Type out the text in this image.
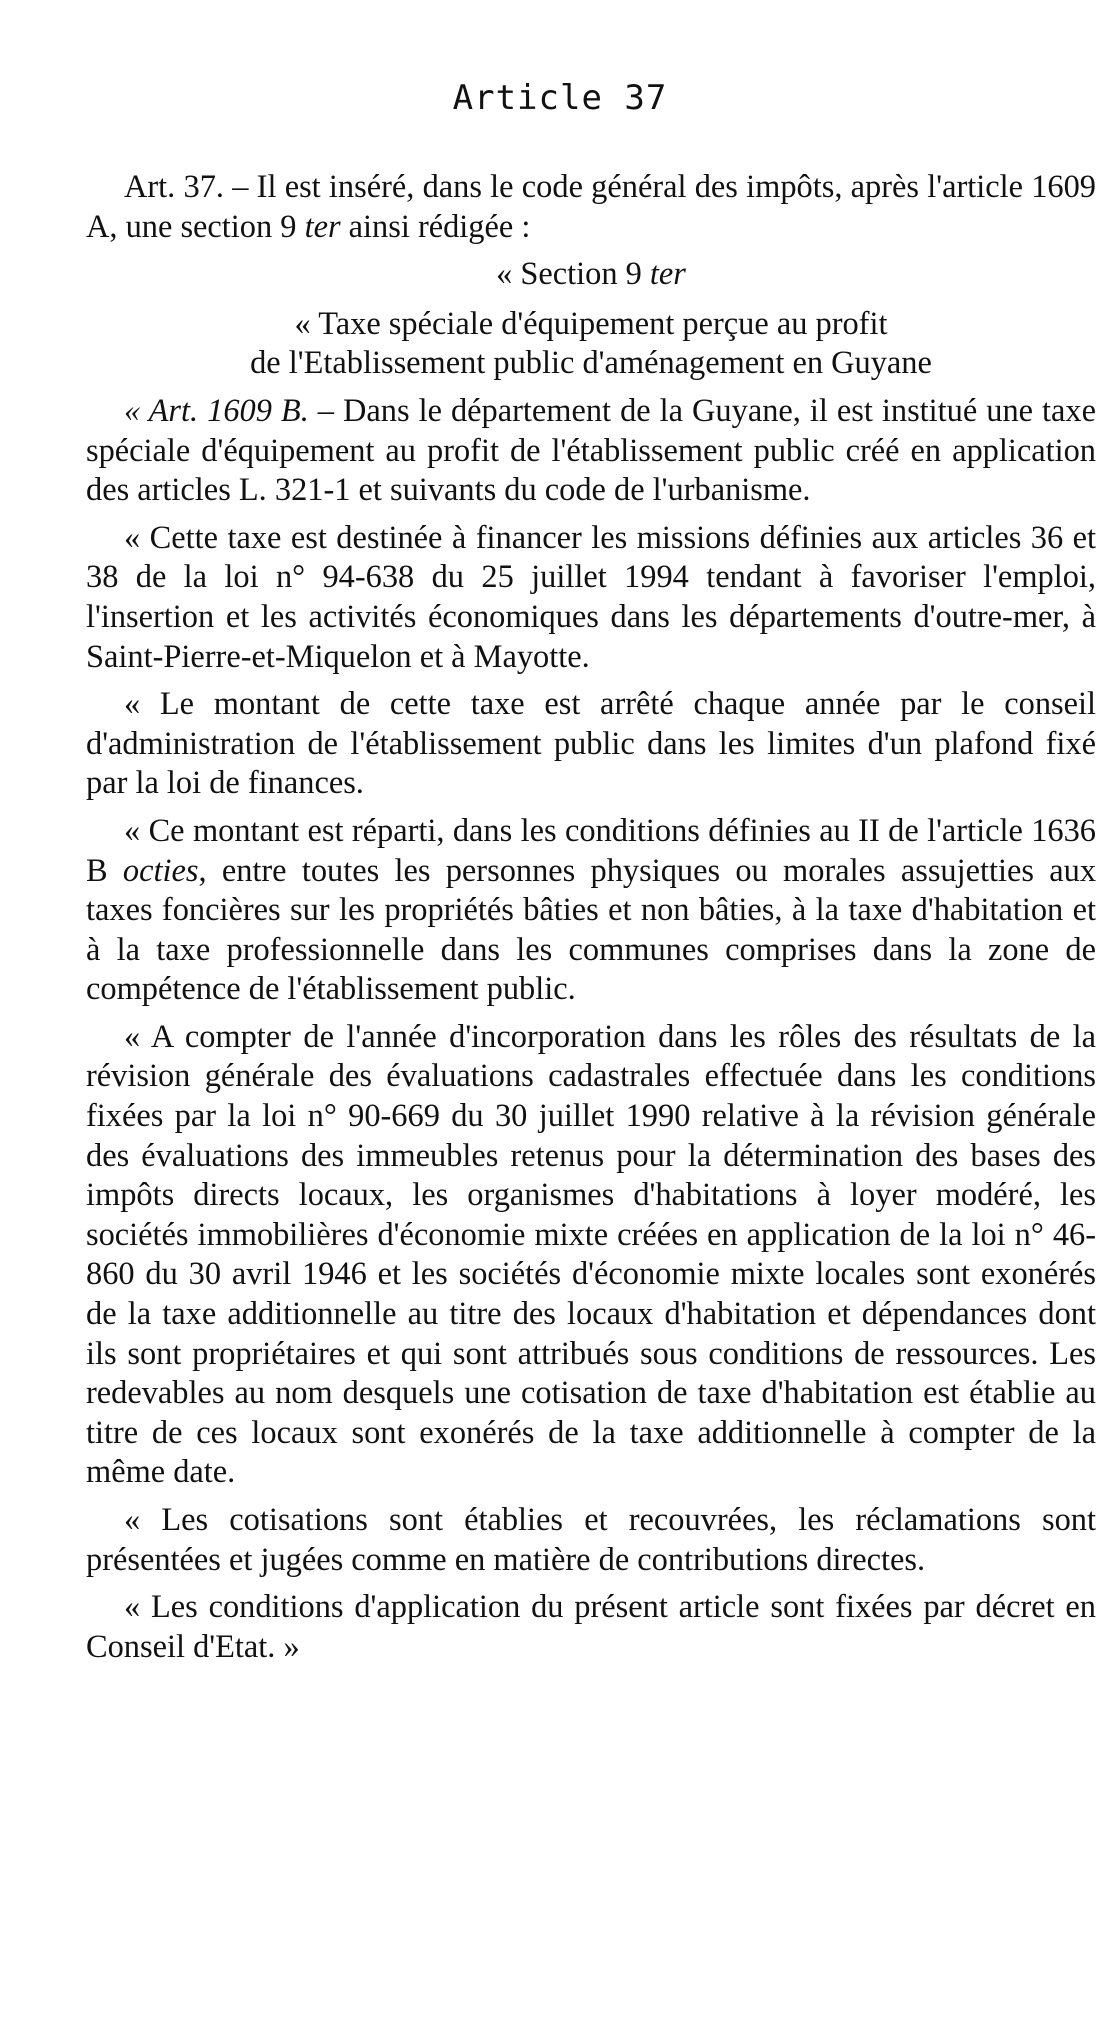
Article 37

Art. 37. – Il est inséré, dans le code général des impôts, après l'article 1609 A, une section 9 ter ainsi rédigée :

« Section 9 ter

« Taxe spéciale d'équipement perçue au profit
de l'Etablissement public d'aménagement en Guyane

« Art. 1609 B. – Dans le département de la Guyane, il est institué une taxe spéciale d'équipement au profit de l'établissement public créé en application des articles L. 321-1 et suivants du code de l'urbanisme.

« Cette taxe est destinée à financer les missions définies aux articles 36 et 38 de la loi n° 94-638 du 25 juillet 1994 tendant à favoriser l'emploi, l'insertion et les activités économiques dans les départements d'outre-mer, à Saint-Pierre-et-Miquelon et à Mayotte.

« Le montant de cette taxe est arrêté chaque année par le conseil d'administration de l'établissement public dans les limites d'un plafond fixé par la loi de finances.

« Ce montant est réparti, dans les conditions définies au II de l'article 1636 B octies, entre toutes les personnes physiques ou morales assujetties aux taxes foncières sur les propriétés bâties et non bâties, à la taxe d'habitation et à la taxe professionnelle dans les communes comprises dans la zone de compétence de l'établissement public.

« A compter de l'année d'incorporation dans les rôles des résultats de la révision générale des évaluations cadastrales effectuée dans les conditions fixées par la loi n° 90-669 du 30 juillet 1990 relative à la révision générale des évaluations des immeubles retenus pour la détermination des bases des impôts directs locaux, les organismes d'habitations à loyer modéré, les sociétés immobilières d'économie mixte créées en application de la loi n° 46-860 du 30 avril 1946 et les sociétés d'économie mixte locales sont exonérés de la taxe additionnelle au titre des locaux d'habitation et dépendances dont ils sont propriétaires et qui sont attribués sous conditions de ressources. Les redevables au nom desquels une cotisation de taxe d'habitation est établie au titre de ces locaux sont exonérés de la taxe additionnelle à compter de la même date.

« Les cotisations sont établies et recouvrées, les réclamations sont présentées et jugées comme en matière de contributions directes.

« Les conditions d'application du présent article sont fixées par décret en Conseil d'Etat. »
